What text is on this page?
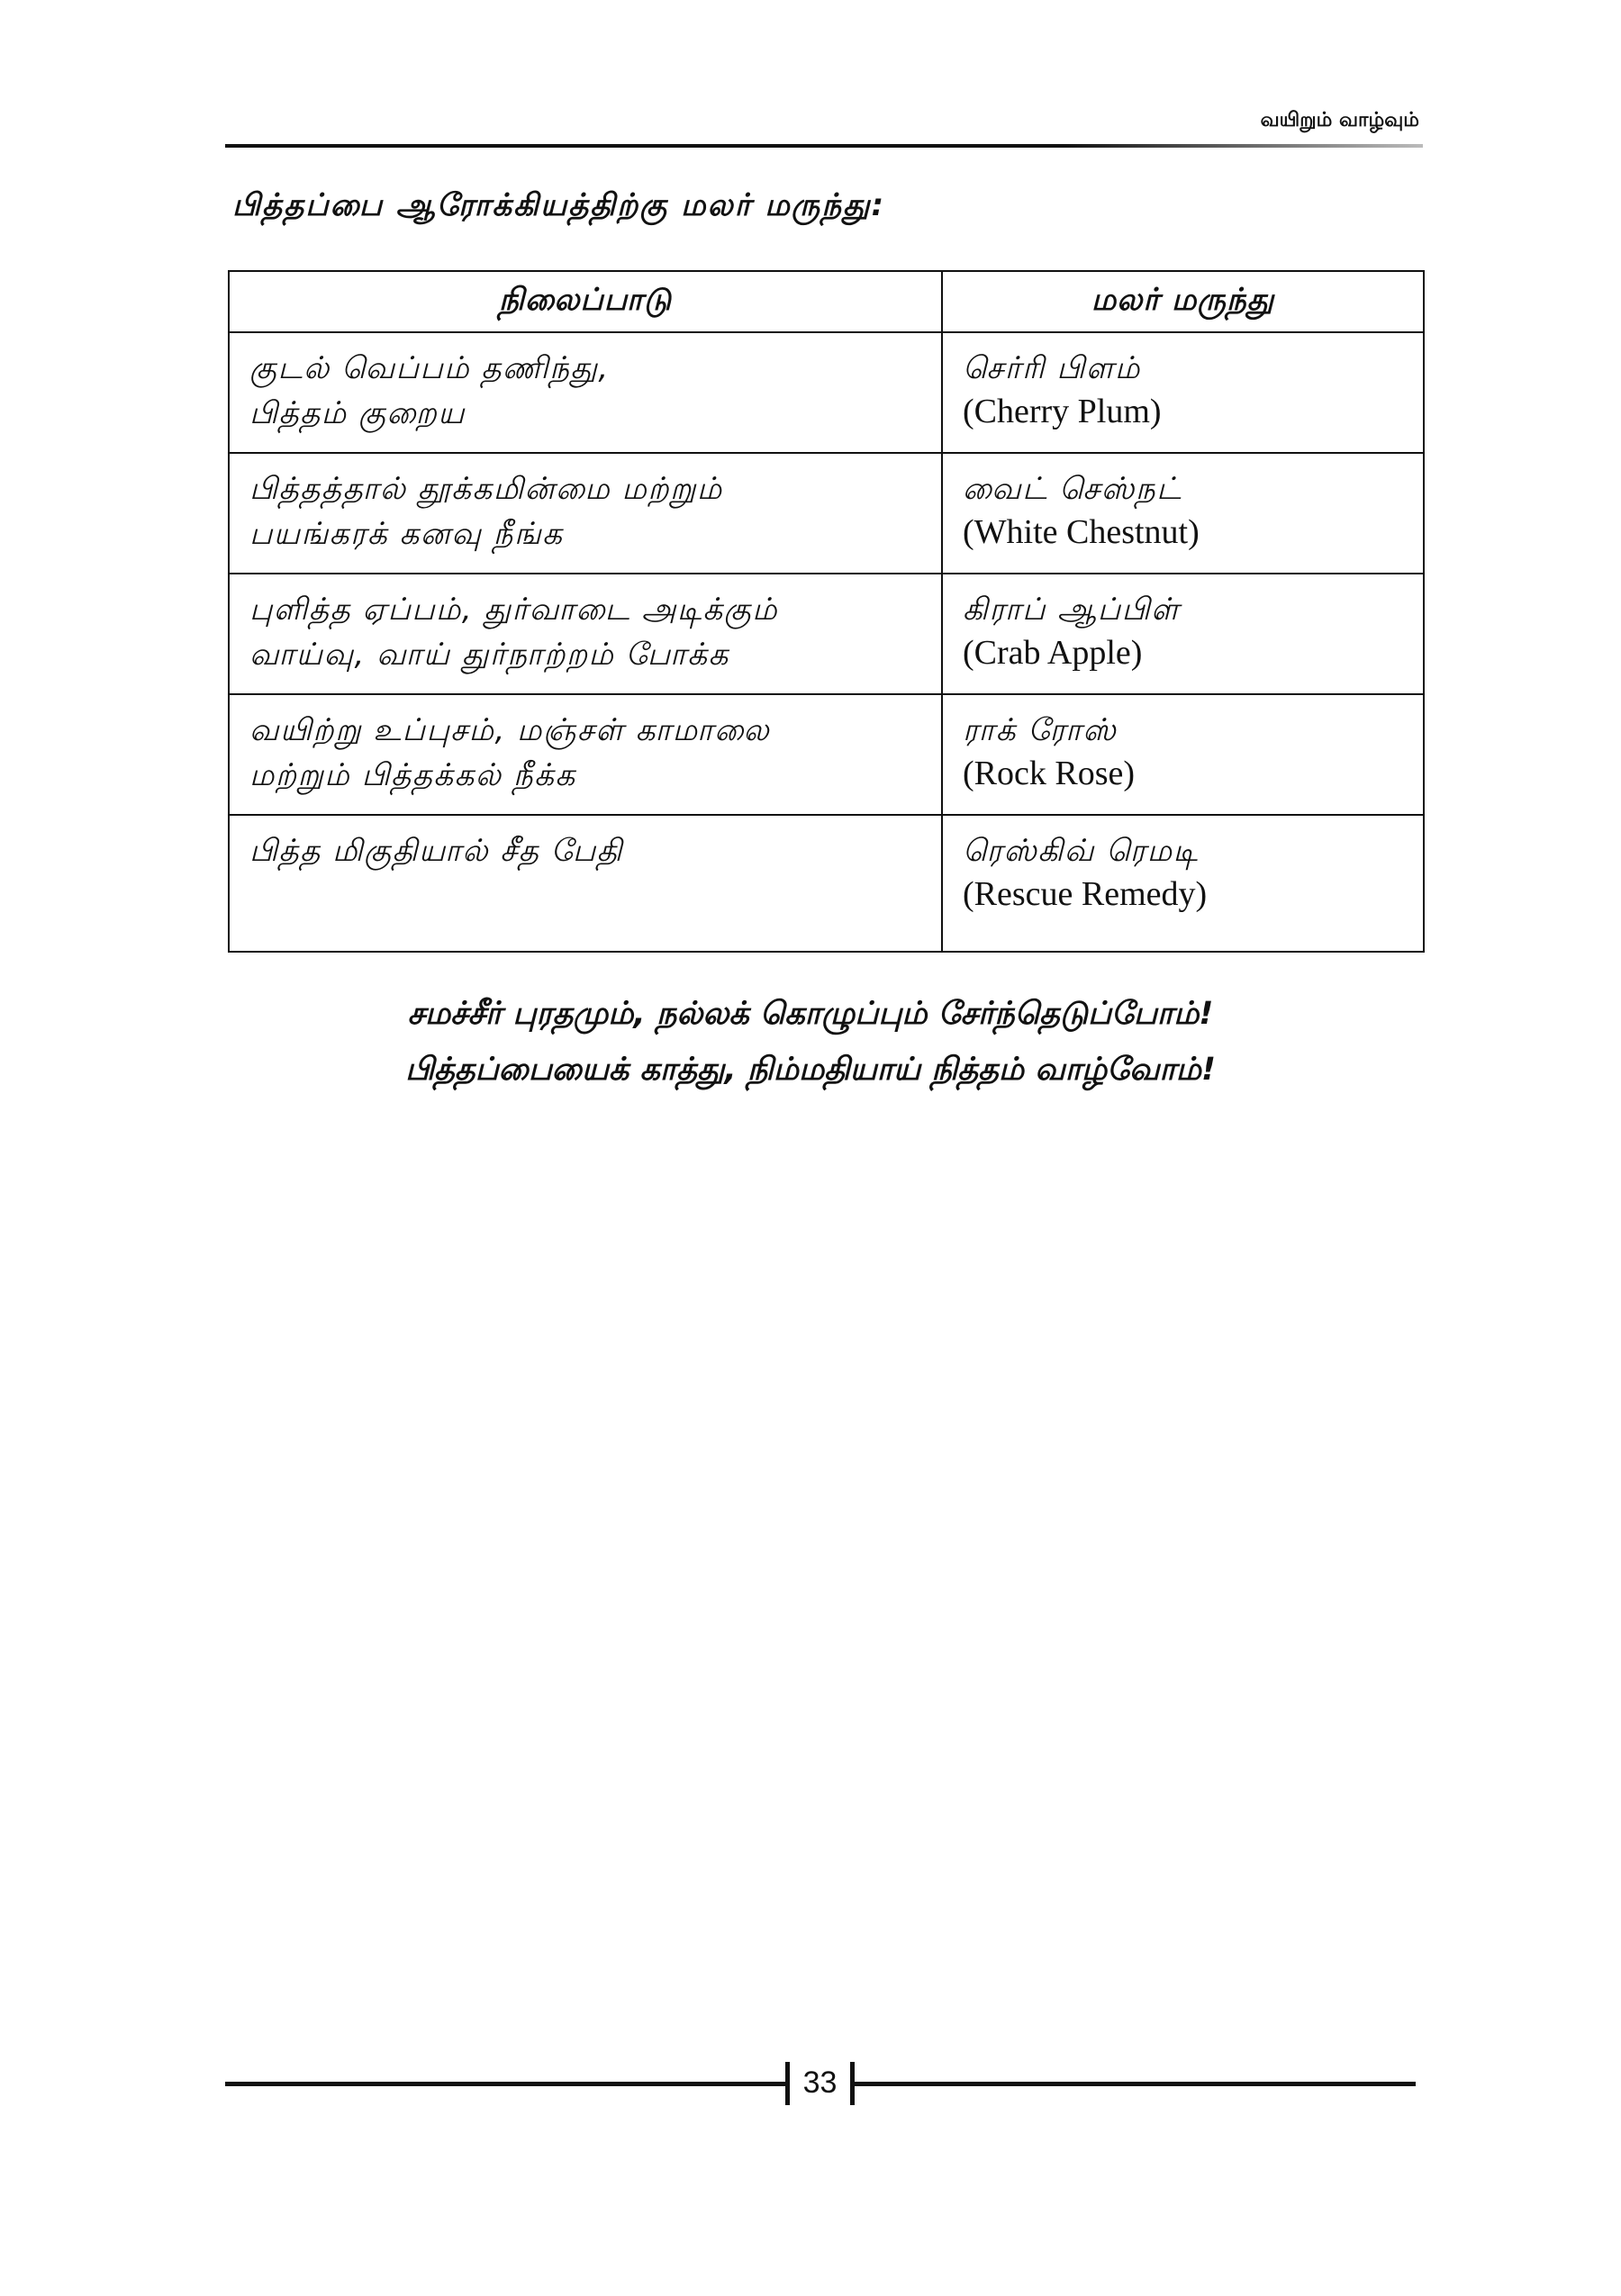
வயிறும் வாழ்வும்
பித்தப்பை ஆரோக்கியத்திற்கு மலர் மருந்து:
நிலைப்பாடு	மலர் மருந்து

குடல் வெப்பம் தணிந்து,
பித்தம் குறைய	செர்ரி பிளம்
(Cherry Plum)

பித்தத்தால் தூக்கமின்மை மற்றும்
பயங்கரக் கனவு நீங்க	வைட் செஸ்நட்
(White Chestnut)

புளித்த ஏப்பம், துர்வாடை அடிக்கும்
வாய்வு, வாய் துர்நாற்றம் போக்க	கிராப் ஆப்பிள்
(Crab Apple)

வயிற்று உப்புசம், மஞ்சள் காமாலை
மற்றும் பித்தக்கல் நீக்க	ராக் ரோஸ்
(Rock Rose)

பித்த மிகுதியால் சீத பேதி	ரெஸ்கிவ் ரெமடி
(Rescue Remedy)
சமச்சீர் புரதமும், நல்லக் கொழுப்பும் சேர்ந்தெடுப்போம்!
பித்தப்பையைக் காத்து, நிம்மதியாய் நித்தம் வாழ்வோம்!
33
